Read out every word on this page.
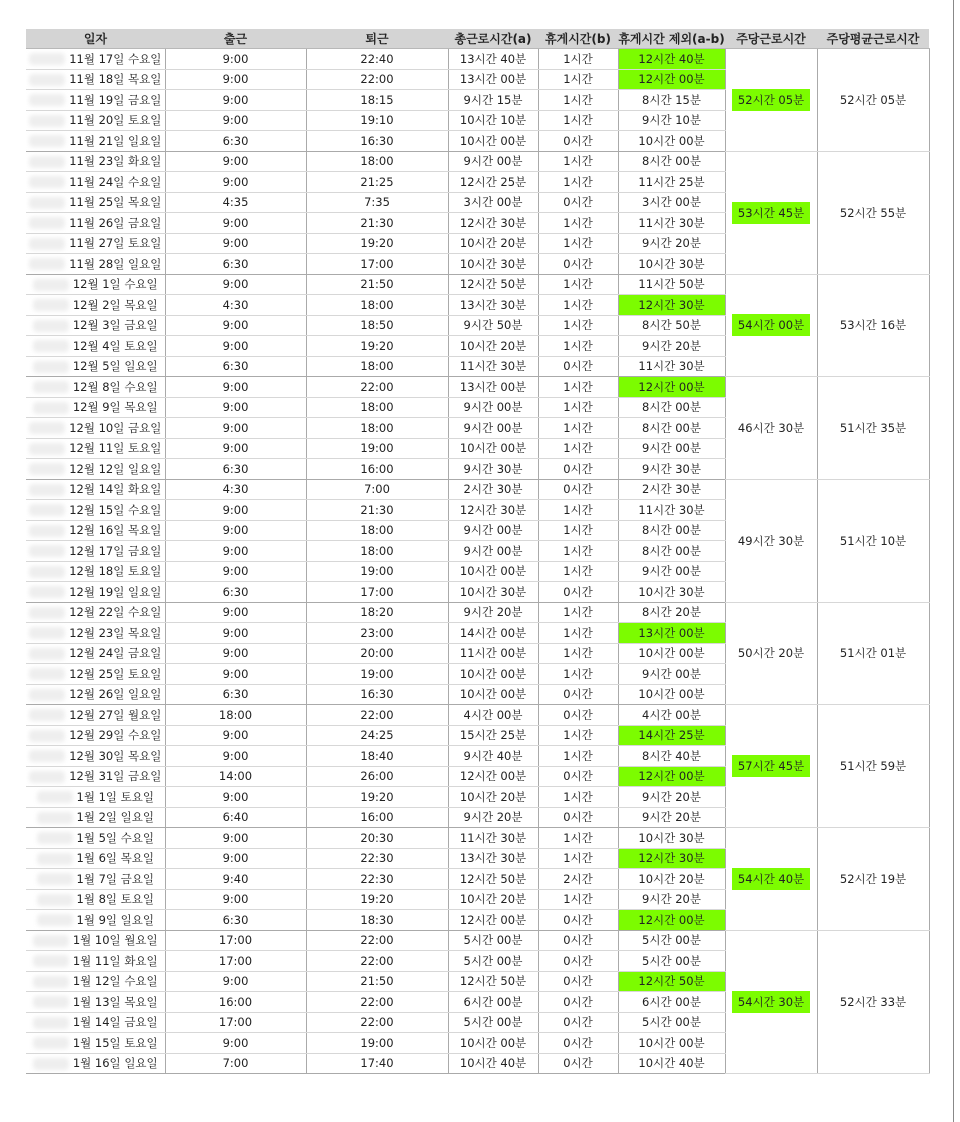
일자	출근	퇴근	총근로시간(a)	휴게시간(b)	휴게시간 제외(a-b)	주당근로시간	주당평균근로시간
11월 17일 수요일	9:00	22:40	13시간 40분	1시간	12시간 40분	52시간 05분	52시간 05분
11월 18일 목요일	9:00	22:00	13시간 00분	1시간	12시간 00분		
11월 19일 금요일	9:00	18:15	9시간 15분	1시간	8시간 15분		
11월 20일 토요일	9:00	19:10	10시간 10분	1시간	9시간 10분		
11월 21일 일요일	6:30	16:30	10시간 00분	0시간	10시간 00분		
11월 23일 화요일	9:00	18:00	9시간 00분	1시간	8시간 00분	53시간 45분	52시간 55분
11월 24일 수요일	9:00	21:25	12시간 25분	1시간	11시간 25분		
11월 25일 목요일	4:35	7:35	3시간 00분	0시간	3시간 00분		
11월 26일 금요일	9:00	21:30	12시간 30분	1시간	11시간 30분		
11월 27일 토요일	9:00	19:20	10시간 20분	1시간	9시간 20분		
11월 28일 일요일	6:30	17:00	10시간 30분	0시간	10시간 30분		
12월 1일 수요일	9:00	21:50	12시간 50분	1시간	11시간 50분	54시간 00분	53시간 16분
12월 2일 목요일	4:30	18:00	13시간 30분	1시간	12시간 30분		
12월 3일 금요일	9:00	18:50	9시간 50분	1시간	8시간 50분		
12월 4일 토요일	9:00	19:20	10시간 20분	1시간	9시간 20분		
12월 5일 일요일	6:30	18:00	11시간 30분	0시간	11시간 30분		
12월 8일 수요일	9:00	22:00	13시간 00분	1시간	12시간 00분	46시간 30분	51시간 35분
12월 9일 목요일	9:00	18:00	9시간 00분	1시간	8시간 00분		
12월 10일 금요일	9:00	18:00	9시간 00분	1시간	8시간 00분		
12월 11일 토요일	9:00	19:00	10시간 00분	1시간	9시간 00분		
12월 12일 일요일	6:30	16:00	9시간 30분	0시간	9시간 30분		
12월 14일 화요일	4:30	7:00	2시간 30분	0시간	2시간 30분	49시간 30분	51시간 10분
12월 15일 수요일	9:00	21:30	12시간 30분	1시간	11시간 30분		
12월 16일 목요일	9:00	18:00	9시간 00분	1시간	8시간 00분		
12월 17일 금요일	9:00	18:00	9시간 00분	1시간	8시간 00분		
12월 18일 토요일	9:00	19:00	10시간 00분	1시간	9시간 00분		
12월 19일 일요일	6:30	17:00	10시간 30분	0시간	10시간 30분		
12월 22일 수요일	9:00	18:20	9시간 20분	1시간	8시간 20분	50시간 20분	51시간 01분
12월 23일 목요일	9:00	23:00	14시간 00분	1시간	13시간 00분		
12월 24일 금요일	9:00	20:00	11시간 00분	1시간	10시간 00분		
12월 25일 토요일	9:00	19:00	10시간 00분	1시간	9시간 00분		
12월 26일 일요일	6:30	16:30	10시간 00분	0시간	10시간 00분		
12월 27일 월요일	18:00	22:00	4시간 00분	0시간	4시간 00분	57시간 45분	51시간 59분
12월 29일 수요일	9:00	24:25	15시간 25분	1시간	14시간 25분		
12월 30일 목요일	9:00	18:40	9시간 40분	1시간	8시간 40분		
12월 31일 금요일	14:00	26:00	12시간 00분	0시간	12시간 00분		
1월 1일 토요일	9:00	19:20	10시간 20분	1시간	9시간 20분		
1월 2일 일요일	6:40	16:00	9시간 20분	0시간	9시간 20분		
1월 5일 수요일	9:00	20:30	11시간 30분	1시간	10시간 30분	54시간 40분	52시간 19분
1월 6일 목요일	9:00	22:30	13시간 30분	1시간	12시간 30분		
1월 7일 금요일	9:40	22:30	12시간 50분	2시간	10시간 20분		
1월 8일 토요일	9:00	19:20	10시간 20분	1시간	9시간 20분		
1월 9일 일요일	6:30	18:30	12시간 00분	0시간	12시간 00분		
1월 10일 월요일	17:00	22:00	5시간 00분	0시간	5시간 00분	54시간 30분	52시간 33분
1월 11일 화요일	17:00	22:00	5시간 00분	0시간	5시간 00분		
1월 12일 수요일	9:00	21:50	12시간 50분	0시간	12시간 50분		
1월 13일 목요일	16:00	22:00	6시간 00분	0시간	6시간 00분		
1월 14일 금요일	17:00	22:00	5시간 00분	0시간	5시간 00분		
1월 15일 토요일	9:00	19:00	10시간 00분	0시간	10시간 00분		
1월 16일 일요일	7:00	17:40	10시간 40분	0시간	10시간 40분		
